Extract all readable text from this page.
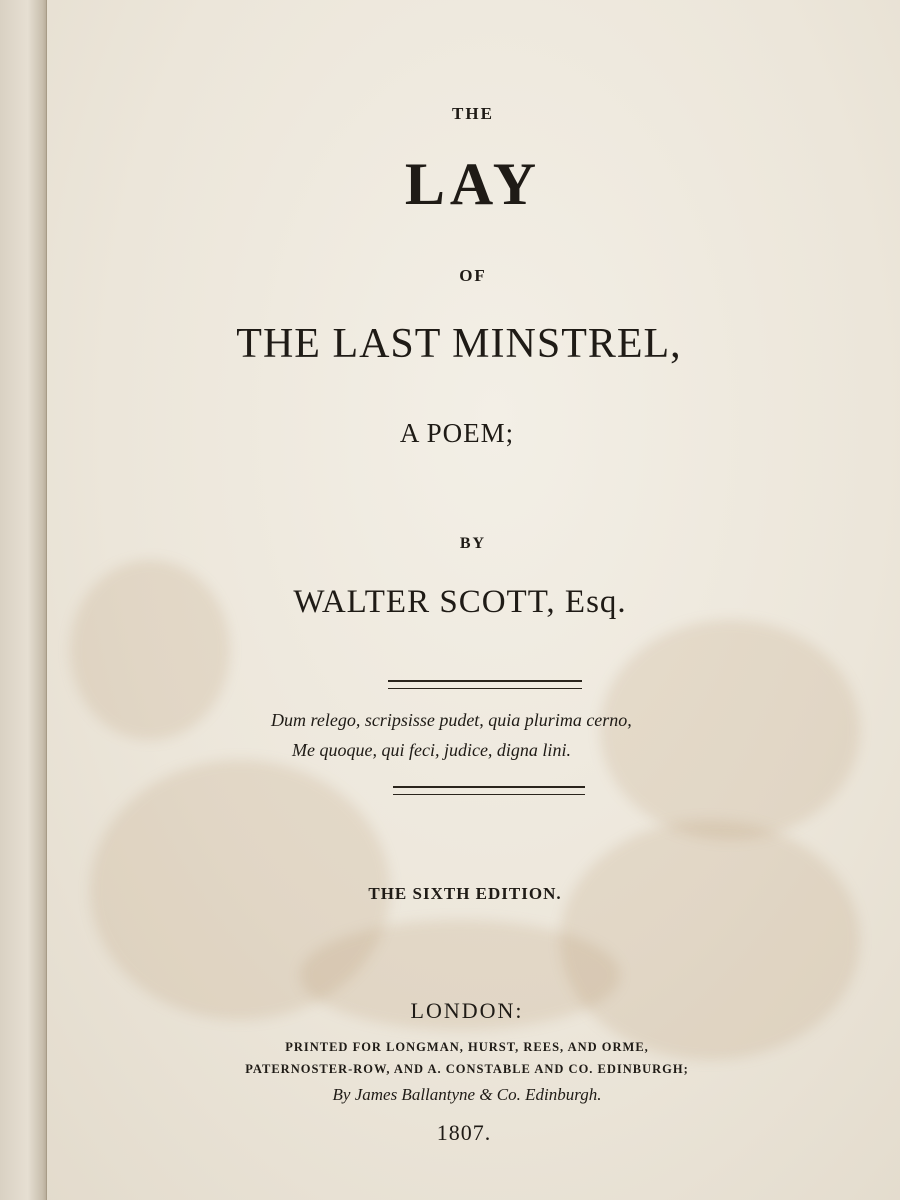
THE
LAY
OF
THE LAST MINSTREL,
A POEM;
BY
WALTER SCOTT, Esq.
Dum relego, scripsisse pudet, quia plurima cerno,
Me quoque, qui feci, judice, digna lini.
THE SIXTH EDITION.
LONDON:
PRINTED FOR LONGMAN, HURST, REES, AND ORME,
PATERNOSTER-ROW, AND A. CONSTABLE AND CO. EDINBURGH;
By James Ballantyne & Co. Edinburgh.
1807.
